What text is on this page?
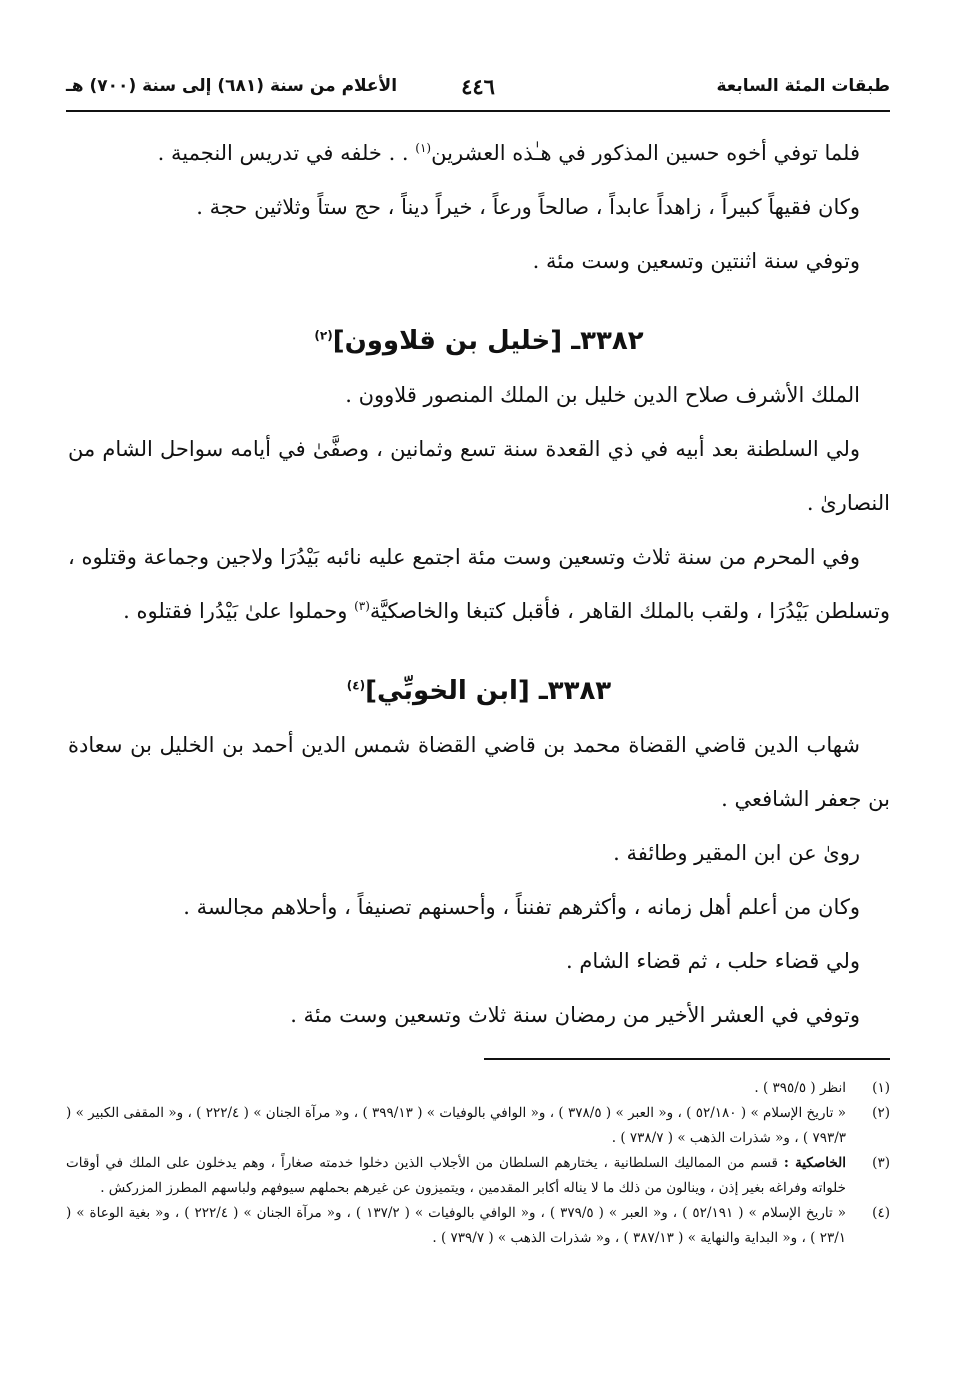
طبقات المئة السابعة
٤٤٦
الأعلام من سنة (٦٨١) إلى سنة (٧٠٠) هـ

فلما توفي أخوه حسين المذكور في هـٰذه العشرين$^{(١)}$ . . خلفه في تدريس النجمية .

وكان فقيهاً كبيراً ، زاهداً عابداً ، صالحاً ورعاً ، خيراً ديناً ، حج ستاً وثلاثين حجة .

وتوفي سنة اثنتين وتسعين وست مئة .

٣٣٨٢ـ [خليل بن قلاوون]$^{(٢)}$

الملك الأشرف صلاح الدين خليل بن الملك المنصور قلاوون .

ولي السلطنة بعد أبيه في ذي القعدة سنة تسع وثمانين ، وصفَّىٰ في أيامه سواحل الشام من النصارىٰ .

وفي المحرم من سنة ثلاث وتسعين وست مئة اجتمع عليه نائبه بَيْدُرَا ولاجين وجماعة وقتلوه ، وتسلطن بَيْدُرَا ، ولقب بالملك القاهر ، فأقبل كتبغا والخاصكيَّة$^{(٣)}$ وحملوا علىٰ بَيْدُرا فقتلوه .

٣٣٨٣ـ [ابن الخوبِّي]$^{(٤)}$

شهاب الدين قاضي القضاة محمد بن قاضي القضاة شمس الدين أحمد بن الخليل بن سعادة بن جعفر الشافعي .

روىٰ عن ابن المقير وطائفة .

وكان من أعلم أهل زمانه ، وأكثرهم تفنناً ، وأحسنهم تصنيفاً ، وأحلاهم مجالسة .

ولي قضاء حلب ، ثم قضاء الشام .

وتوفي في العشر الأخير من رمضان سنة ثلاث وتسعين وست مئة .

(١)
انظر ( ٣٩٥/٥ ) .
(٢)
« تاريخ الإسلام » ( ٥٢/١٨٠ ) ، و« العبر » ( ٣٧٨/٥ ) ، و« الوافي بالوفيات » ( ٣٩٩/١٣ ) ، و« مرآة الجنان » ( ٢٢٢/٤ ) ، و« المقفى الكبير » ( ٧٩٣/٣ ) ، و« شذرات الذهب » ( ٧٣٨/٧ ) .
(٣)
الخاصكية : قسم من المماليك السلطانية ، يختارهم السلطان من الأجلاب الذين دخلوا خدمته صغاراً ، وهم يدخلون على الملك في أوقات خلواته وفراغه بغير إذن ، وينالون من ذلك ما لا يناله أكابر المقدمين ، ويتميزون عن غيرهم بحملهم سيوفهم ولباسهم المطرز المزركش .
(٤)
« تاريخ الإسلام » ( ٥٢/١٩١ ) ، و« العبر » ( ٣٧٩/٥ ) ، و« الوافي بالوفيات » ( ١٣٧/٢ ) ، و« مرآة الجنان » ( ٢٢٢/٤ ) ، و« بغية الوعاة » ( ٢٣/١ ) ، و« البداية والنهاية » ( ٣٨٧/١٣ ) ، و« شذرات الذهب » ( ٧٣٩/٧ ) .
